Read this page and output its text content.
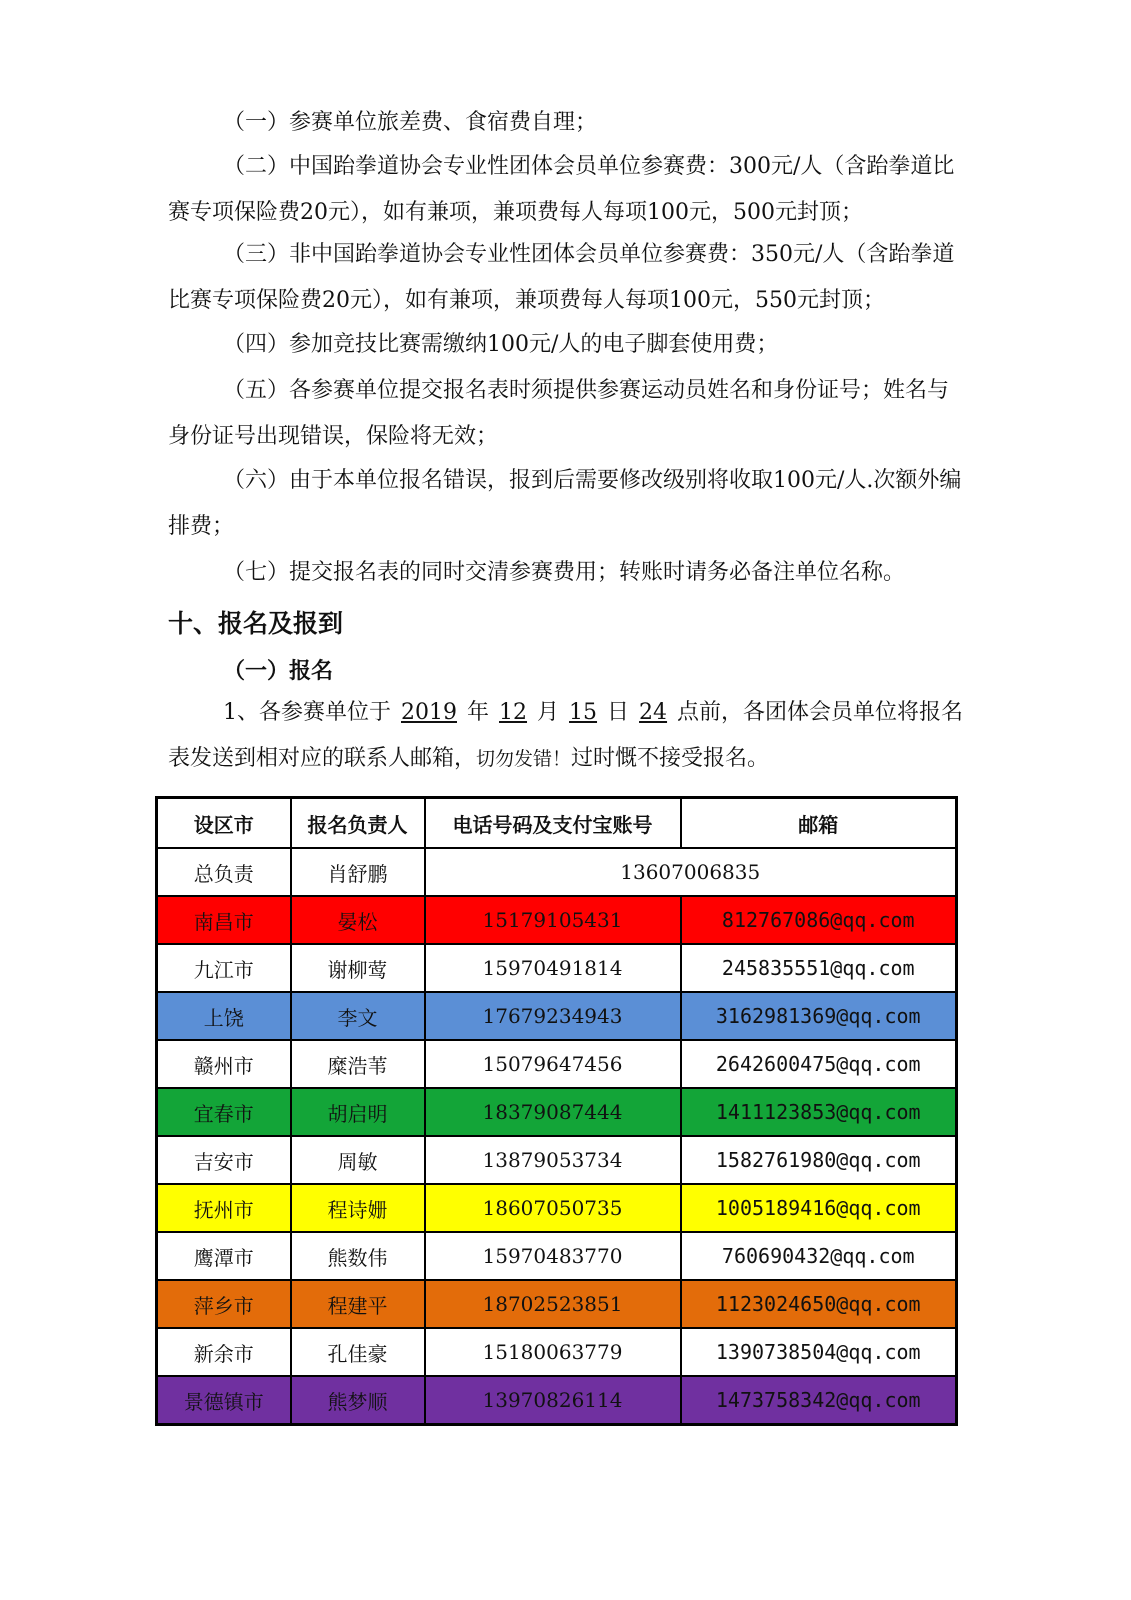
（一）参赛单位旅差费、食宿费自理；

（二）中国跆拳道协会专业性团体会员单位参赛费：300元/人（含跆拳道比赛专项保险费20元），如有兼项，兼项费每人每项100元，500元封顶；

（三）非中国跆拳道协会专业性团体会员单位参赛费：350元/人（含跆拳道比赛专项保险费20元），如有兼项，兼项费每人每项100元，550元封顶；

（四）参加竞技比赛需缴纳100元/人的电子脚套使用费；

（五）各参赛单位提交报名表时须提供参赛运动员姓名和身份证号；姓名与身份证号出现错误，保险将无效；

（六）由于本单位报名错误，报到后需要修改级别将收取100元/人.次额外编排费；

（七）提交报名表的同时交清参赛费用；转账时请务必备注单位名称。

十、报名及报到
（一）报名

1、各参赛单位于 2019 年 12 月 15 日 24 点前，各团体会员单位将报名表发送到相对应的联系人邮箱，切勿发错！过时慨不接受报名。

设区市	报名负责人	电话号码及支付宝账号	邮箱
总负责	肖舒鹏	13607006835	
南昌市	晏松	15179105431	812767086@qq.com
九江市	谢柳莺	15970491814	245835551@qq.com
上饶	李文	17679234943	3162981369@qq.com
赣州市	糜浩苇	15079647456	2642600475@qq.com
宜春市	胡启明	18379087444	1411123853@qq.com
吉安市	周敏	13879053734	1582761980@qq.com
抚州市	程诗姗	18607050735	1005189416@qq.com
鹰潭市	熊数伟	15970483770	760690432@qq.com
萍乡市	程建平	18702523851	1123024650@qq.com
新余市	孔佳豪	15180063779	1390738504@qq.com
景德镇市	熊梦顺	13970826114	1473758342@qq.com
